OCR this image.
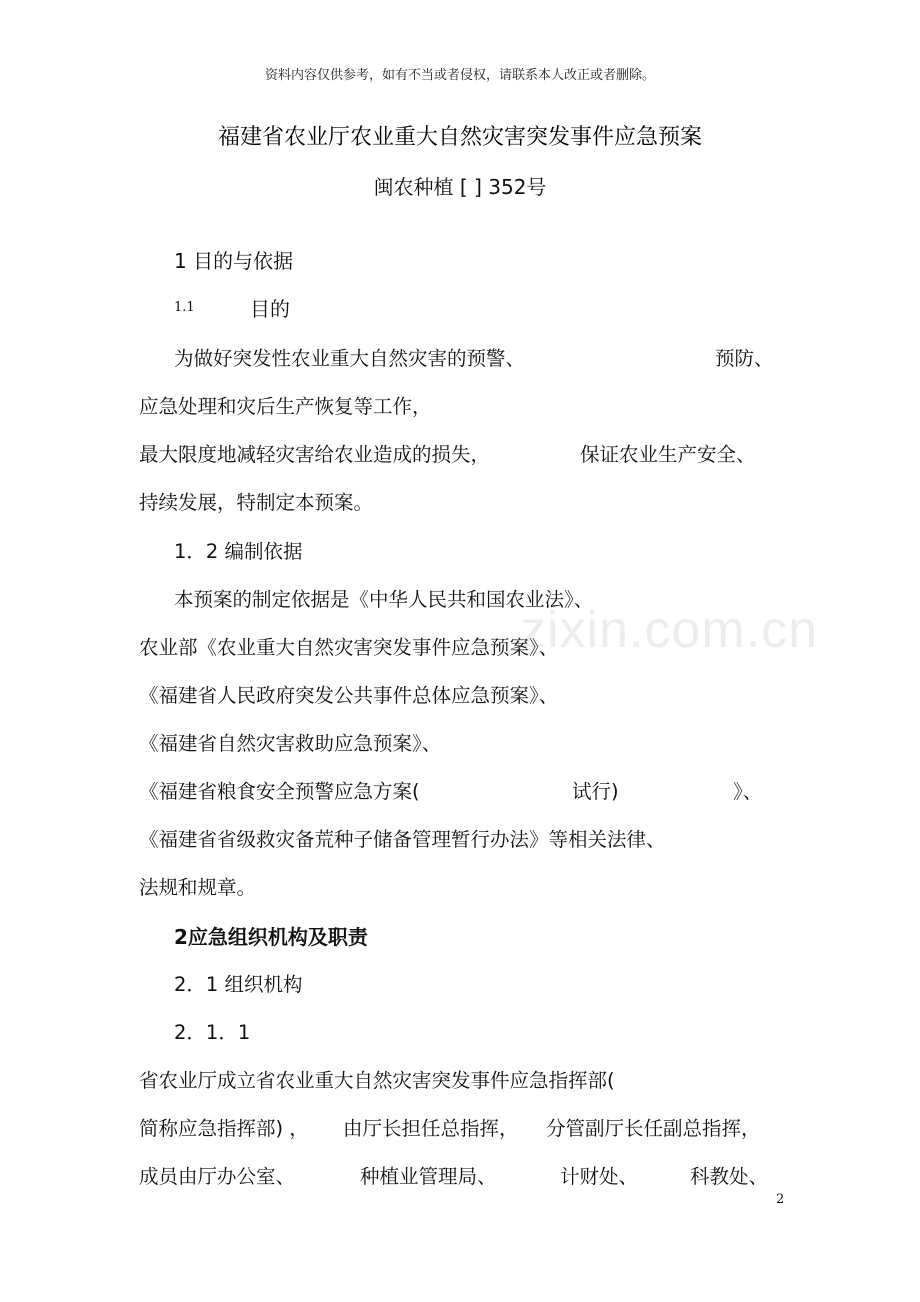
资料内容仅供参考，如有不当或者侵权，请联系本人改正或者删除。
福建省农业厅农业重大自然灾害突发事件应急预案
闽农种植 [ ] 352号
zixin.com.cn
1 目的与依据
1.1	目的
为做好突发性农业重大自然灾害的预警、	预防、
应急处理和灾后生产恢复等工作，
最大限度地减轻灾害给农业造成的损失，	保证农业生产安全、
持续发展，特制定本预案。
1．2 编制依据
本预案的制定依据是《中华人民共和国农业法》、
农业部《农业重大自然灾害突发事件应急预案》、
《福建省人民政府突发公共事件总体应急预案》、
《福建省自然灾害救助应急预案》、
《福建省粮食安全预警应急方案(	试行)	》、
《福建省省级救灾备荒种子储备管理暂行办法》等相关法律、
法规和规章。
2应急组织机构及职责
2．1 组织机构
2．1．1
省农业厅成立省农业重大自然灾害突发事件应急指挥部(
简称应急指挥部) ， 由厅长担任总指挥， 分管副厅长任副总指挥，
成员由厅办公室、	种植业管理局、	计财处、	科教处、
2
